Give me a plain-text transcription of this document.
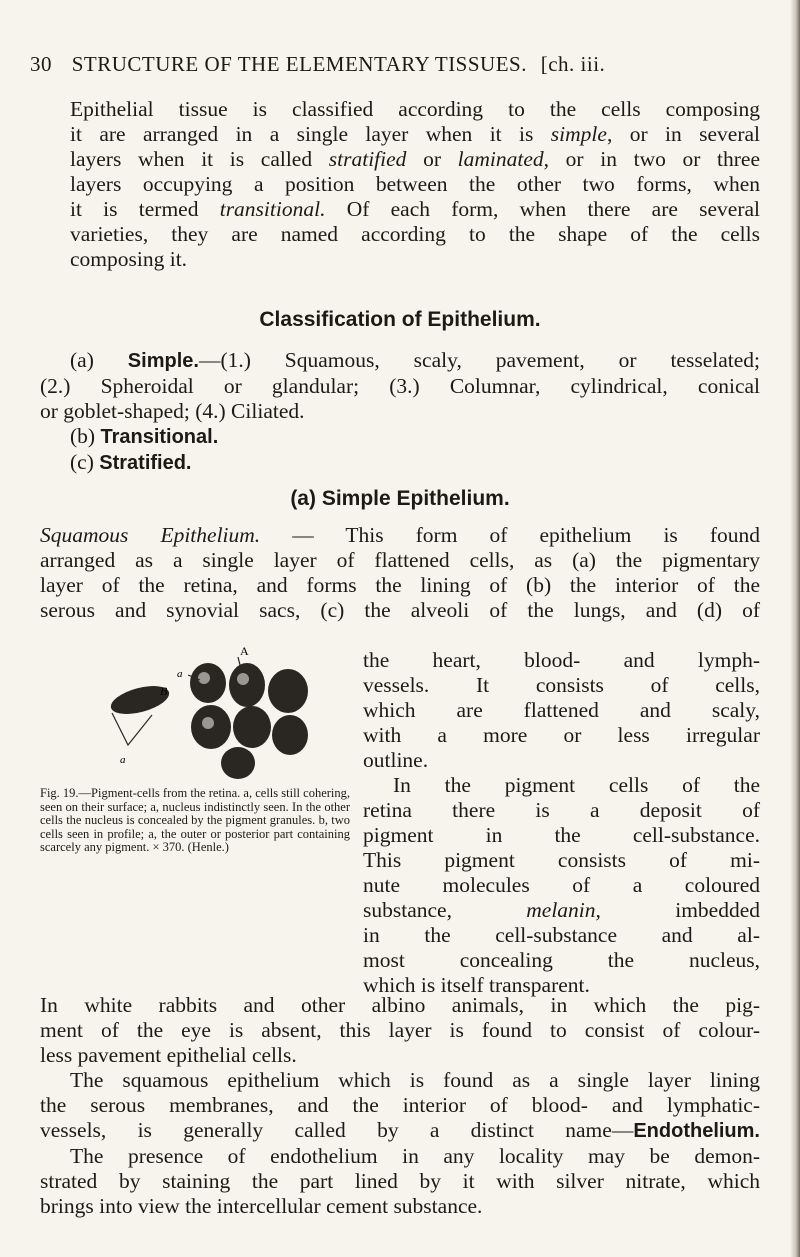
30 STRUCTURE OF THE ELEMENTARY TISSUES. [ch. iii.
Epithelial tissue is classified according to the cells composing
it are arranged in a single layer when it is simple, or in several
layers when it is called stratified or laminated, or in two or three
layers occupying a position between the other two forms, when
it is termed transitional. Of each form, when there are several
varieties, they are named according to the shape of the cells
composing it.
Classification of Epithelium.
(a) Simple.—(1.) Squamous, scaly, pavement, or tesselated;
(2.) Spheroidal or glandular; (3.) Columnar, cylindrical, conical
or goblet-shaped; (4.) Ciliated.
(b) Transitional.
(c) Stratified.
(a) Simple Epithelium.
Squamous Epithelium. — This form of epithelium is found
arranged as a single layer of flattened cells, as (a) the pigmentary
layer of the retina, and forms the lining of (b) the interior of the
serous and synovial sacs, (c) the alveoli of the lungs, and (d) of
A
a
B
a
the heart, blood- and lymph-
vessels. It consists of cells,
which are flattened and scaly,
with a more or less irregular
outline.
In the pigment cells of the
retina there is a deposit of
pigment in the cell-substance.
This pigment consists of mi-
nute molecules of a coloured
substance,	melanin,	imbedded
in the cell-substance and al-
most concealing the nucleus,
which is itself transparent.
Fig. 19.—Pigment-cells from the retina. a, cells still cohering, seen on their surface; a, nucleus indistinctly seen. In the other cells the nucleus is concealed by the pigment granules. b, two cells seen in profile; a, the outer or posterior part containing scarcely any pigment. × 370. (Henle.)
In white rabbits and other albino animals, in which the pig-
ment of the eye is absent, this layer is found to consist of colour-
less pavement epithelial cells.
The squamous epithelium which is found as a single layer lining
the serous membranes, and the interior of blood- and lymphatic-
vessels, is generally called by a distinct name—Endothelium.
The presence of endothelium in any locality may be demon-
strated by staining the part lined by it with silver nitrate, which
brings into view the intercellular cement substance.
